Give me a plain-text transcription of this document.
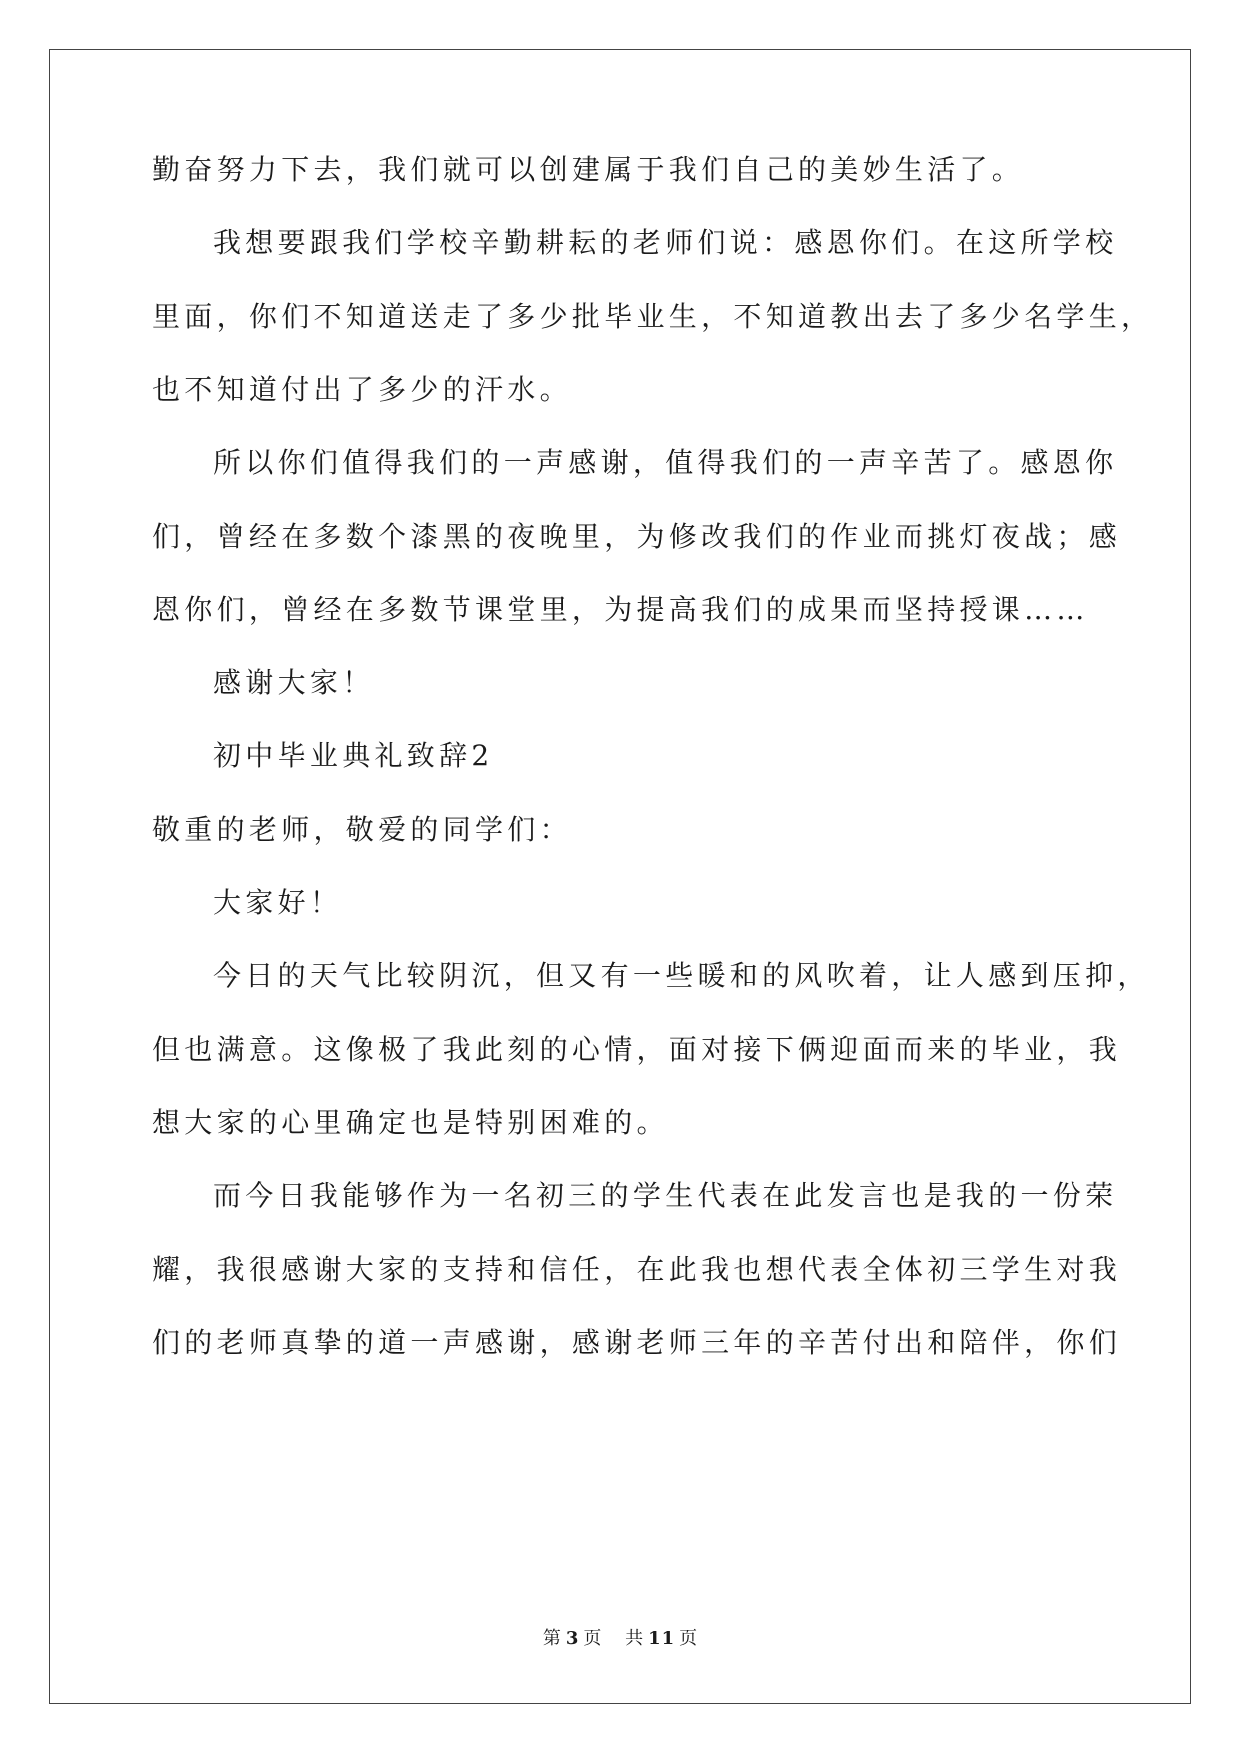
勤奋努力下去，我们就可以创建属于我们自己的美妙生活了。
我想要跟我们学校辛勤耕耘的老师们说：感恩你们。在这所学校
里面，你们不知道送走了多少批毕业生，不知道教出去了多少名学生，
也不知道付出了多少的汗水。
所以你们值得我们的一声感谢，值得我们的一声辛苦了。感恩你
们，曾经在多数个漆黑的夜晚里，为修改我们的作业而挑灯夜战；感
恩你们，曾经在多数节课堂里，为提高我们的成果而坚持授课……
感谢大家！
初中毕业典礼致辞2
敬重的老师，敬爱的同学们：
大家好！
今日的天气比较阴沉，但又有一些暖和的风吹着，让人感到压抑，
但也满意。这像极了我此刻的心情，面对接下俩迎面而来的毕业，我
想大家的心里确定也是特别困难的。
而今日我能够作为一名初三的学生代表在此发言也是我的一份荣
耀，我很感谢大家的支持和信任，在此我也想代表全体初三学生对我
们的老师真挚的道一声感谢，感谢老师三年的辛苦付出和陪伴，你们
第 3 页 共 11 页
